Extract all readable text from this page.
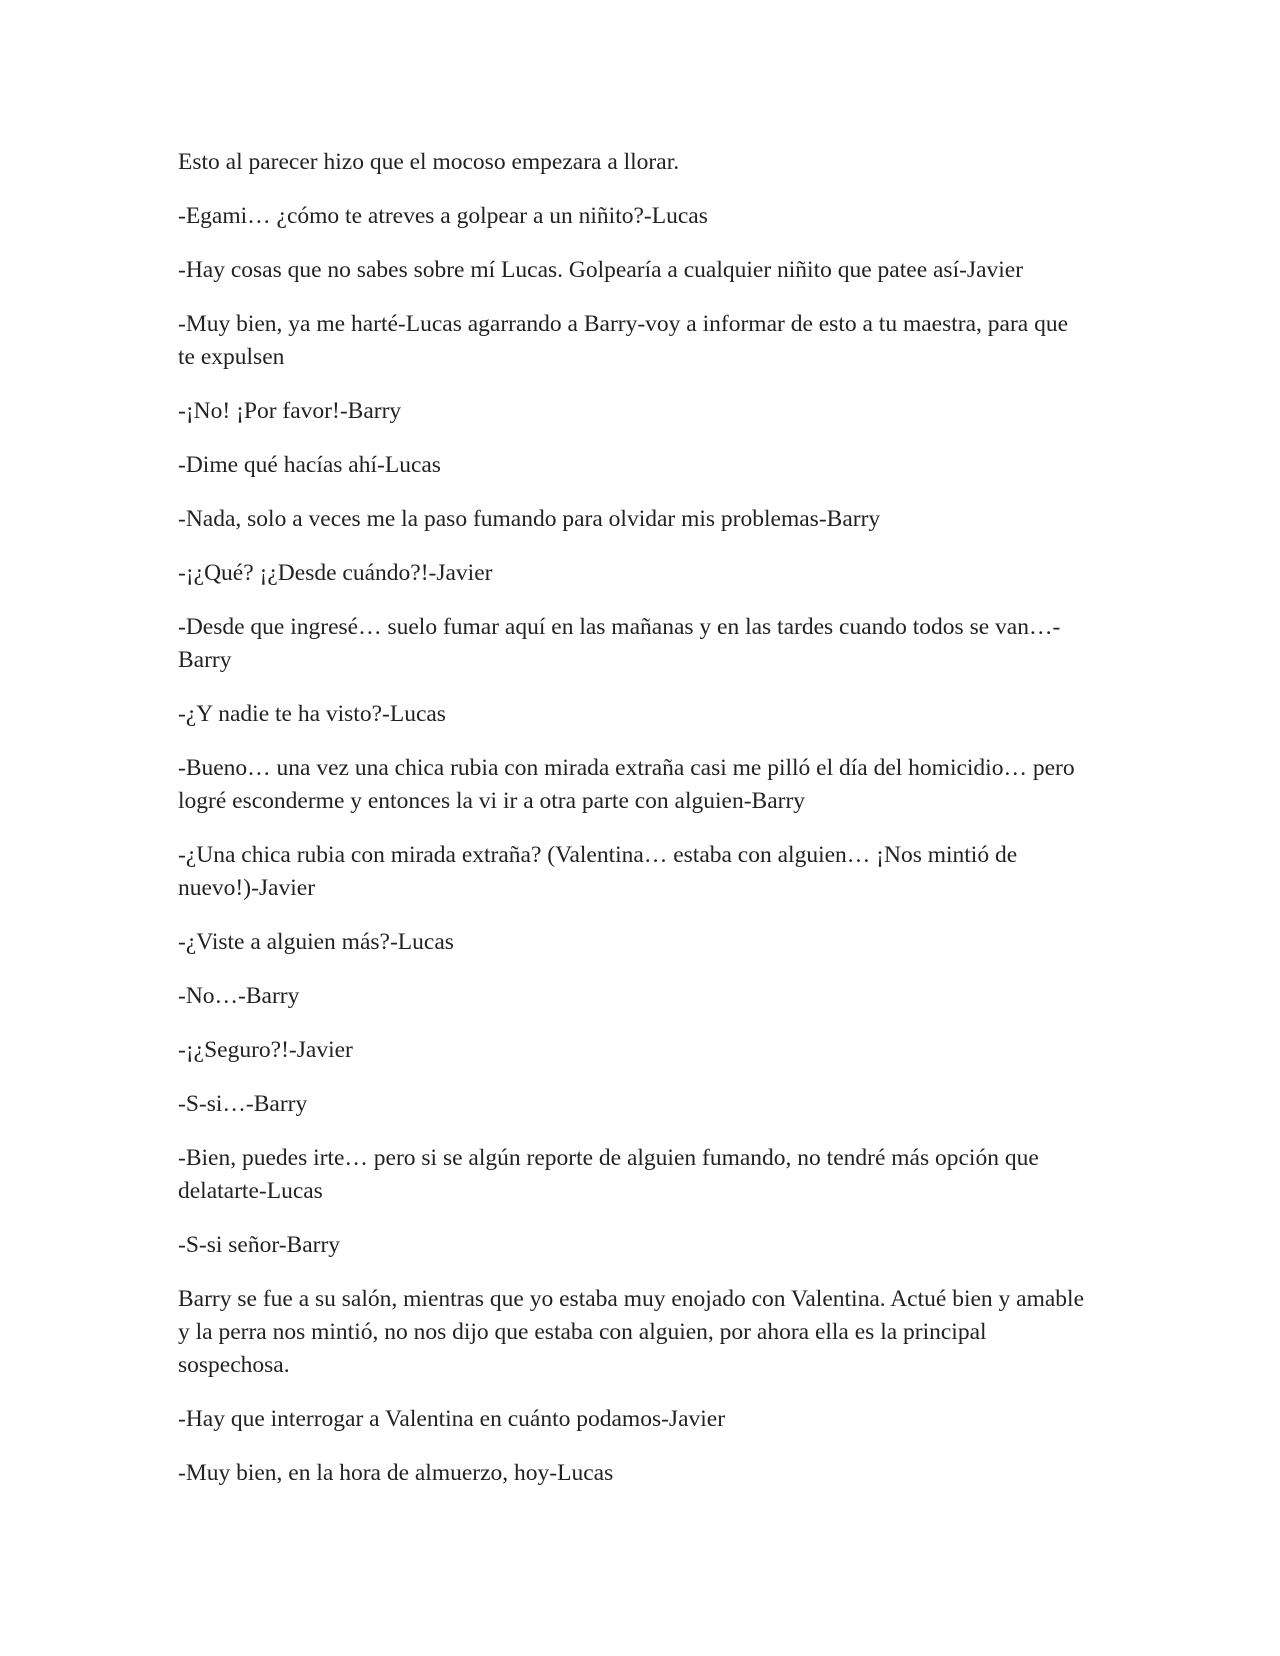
Esto al parecer hizo que el mocoso empezara a llorar.

-Egami… ¿cómo te atreves a golpear a un niñito?-Lucas

-Hay cosas que no sabes sobre mí Lucas. Golpearía a cualquier niñito que patee así-Javier

-Muy bien, ya me harté-Lucas agarrando a Barry-voy a informar de esto a tu maestra, para que te expulsen

-¡No! ¡Por favor!-Barry

-Dime qué hacías ahí-Lucas

-Nada, solo a veces me la paso fumando para olvidar mis problemas-Barry

-¡¿Qué? ¡¿Desde cuándo?!-Javier

-Desde que ingresé… suelo fumar aquí en las mañanas y en las tardes cuando todos se van…-Barry

-¿Y nadie te ha visto?-Lucas

-Bueno… una vez una chica rubia con mirada extraña casi me pilló el día del homicidio… pero logré esconderme y entonces la vi ir a otra parte con alguien-Barry

-¿Una chica rubia con mirada extraña? (Valentina… estaba con alguien… ¡Nos mintió de nuevo!)-Javier

-¿Viste a alguien más?-Lucas

-No…-Barry

-¡¿Seguro?!-Javier

-S-si…-Barry

-Bien, puedes irte… pero si se algún reporte de alguien fumando, no tendré más opción que delatarte-Lucas

-S-si señor-Barry

Barry se fue a su salón, mientras que yo estaba muy enojado con Valentina. Actué bien y amable y la perra nos mintió, no nos dijo que estaba con alguien, por ahora ella es la principal sospechosa.

-Hay que interrogar a Valentina en cuánto podamos-Javier

-Muy bien, en la hora de almuerzo, hoy-Lucas
